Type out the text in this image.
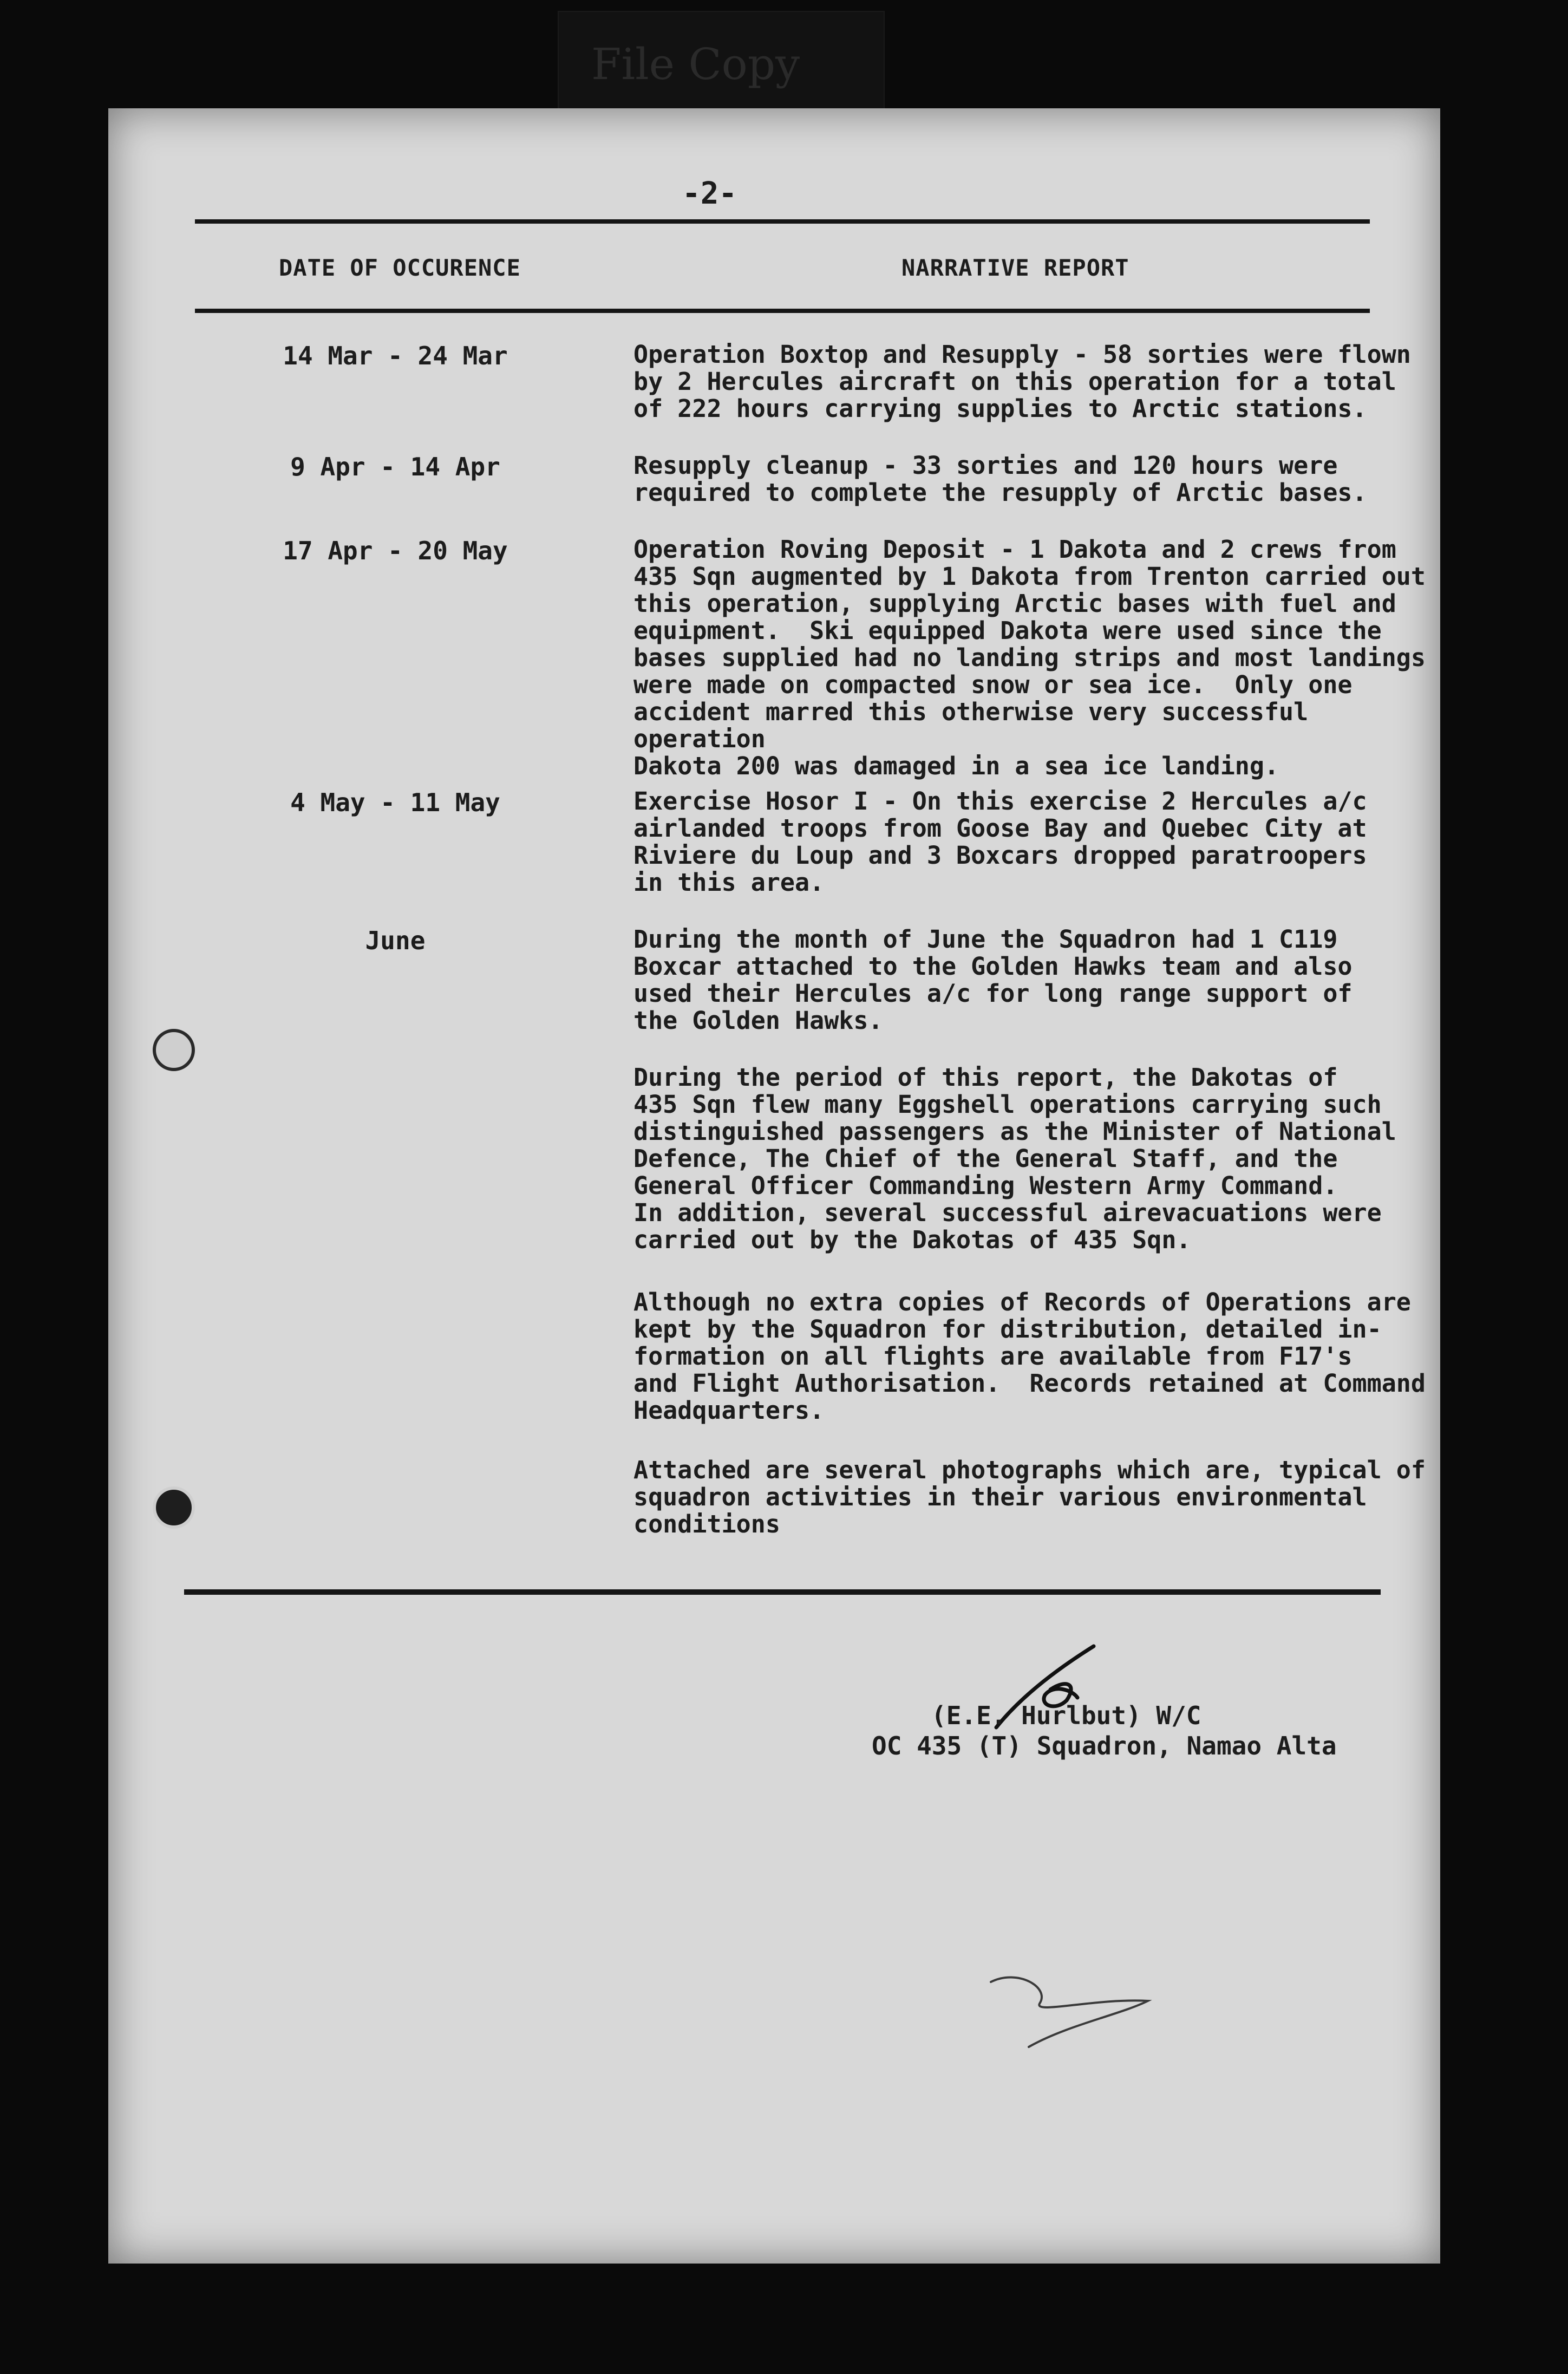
File Copy
-2-
DATE OF OCCURENCE	NARRATIVE REPORT
14 Mar - 24 Mar	Operation Boxtop and Resupply - 58 sorties were flown
by 2 Hercules aircraft on this operation for a total
of 222 hours carrying supplies to Arctic stations.
9 Apr - 14 Apr	Resupply cleanup - 33 sorties and 120 hours were
required to complete the resupply of Arctic bases.
17 Apr - 20 May	Operation Roving Deposit - 1 Dakota and 2 crews from
435 Sqn augmented by 1 Dakota from Trenton carried out
this operation, supplying Arctic bases with fuel and
equipment.  Ski equipped Dakota were used since the
bases supplied had no landing strips and most landings
were made on compacted snow or sea ice.  Only one
accident marred this otherwise very successful operation
Dakota 200 was damaged in a sea ice landing.
4 May - 11 May	Exercise Hosor I - On this exercise 2 Hercules a/c
airlanded troops from Goose Bay and Quebec City at
Riviere du Loup and 3 Boxcars dropped paratroopers
in this area.
June	During the month of June the Squadron had 1 C119
Boxcar attached to the Golden Hawks team and also
used their Hercules a/c for long range support of
the Golden Hawks.
During the period of this report, the Dakotas of
435 Sqn flew many Eggshell operations carrying such
distinguished passengers as the Minister of National
Defence, The Chief of the General Staff, and the
General Officer Commanding Western Army Command.
In addition, several successful airevacuations were
carried out by the Dakotas of 435 Sqn.
Although no extra copies of Records of Operations are
kept by the Squadron for distribution, detailed in-
formation on all flights are available from F17's
and Flight Authorisation.  Records retained at Command
Headquarters.
Attached are several photographs which are, typical of
squadron activities in their various environmental
conditions
(E.E. Hurlbut) W/C
OC 435 (T) Squadron, Namao Alta
